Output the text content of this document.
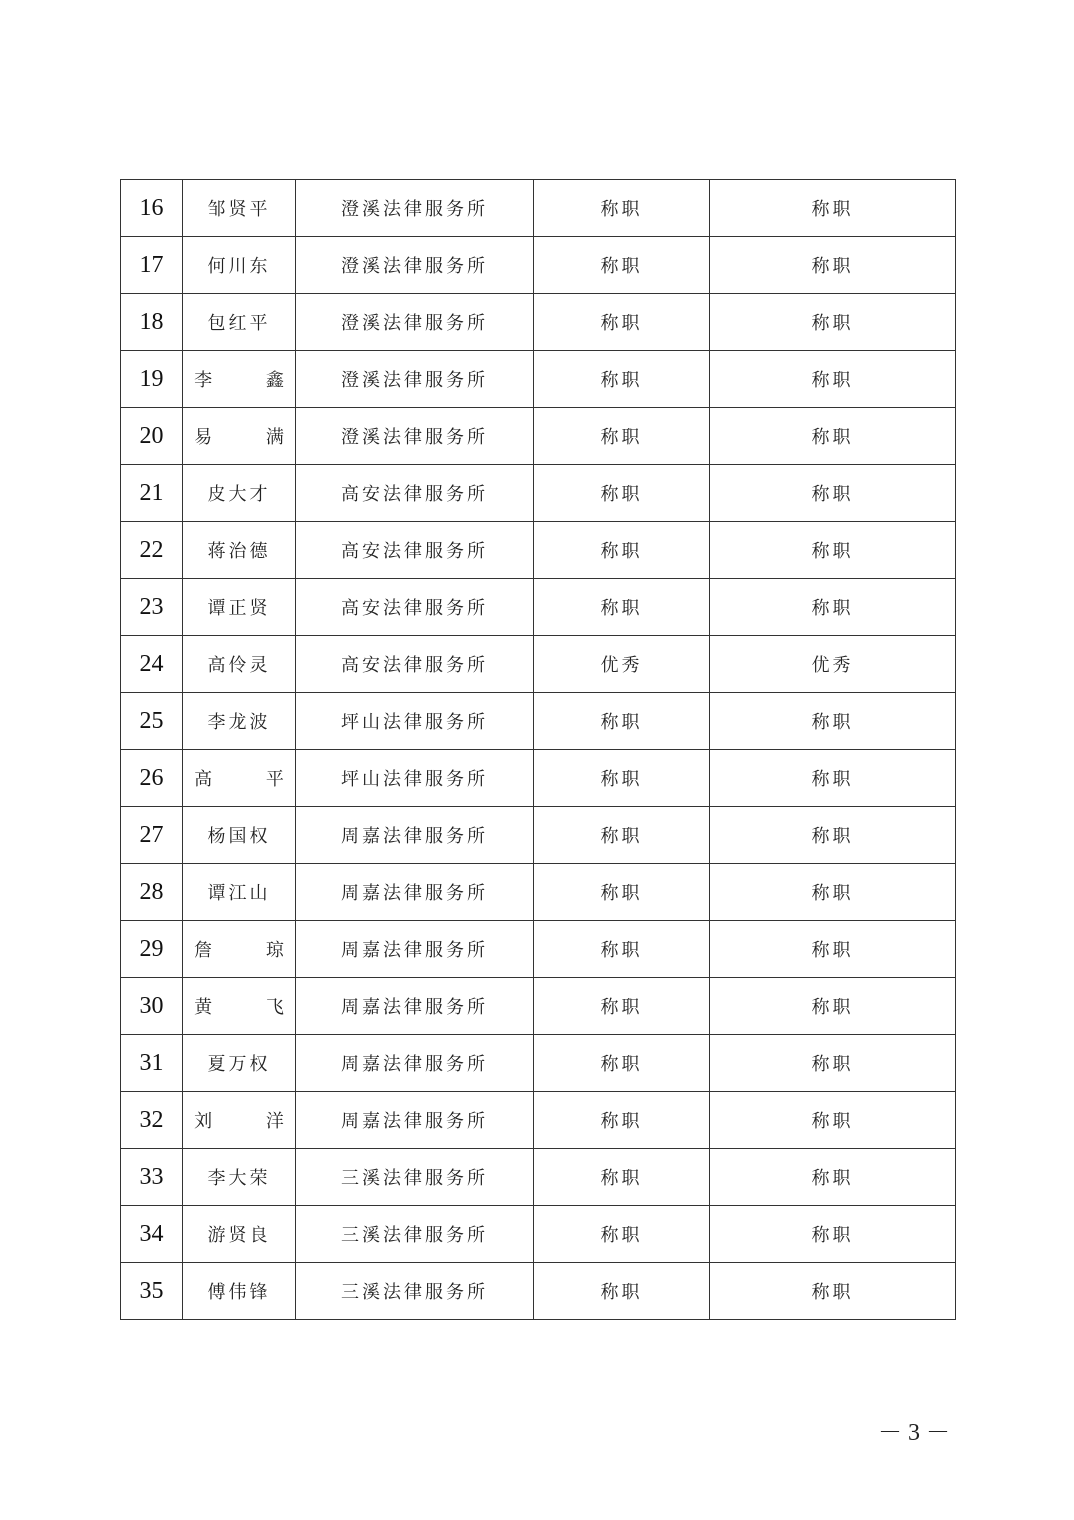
16	邹贤平	澄溪法律服务所	称职	称职
17	何川东	澄溪法律服务所	称职	称职
18	包红平	澄溪法律服务所	称职	称职
19	李 鑫	澄溪法律服务所	称职	称职
20	易 满	澄溪法律服务所	称职	称职
21	皮大才	高安法律服务所	称职	称职
22	蒋治德	高安法律服务所	称职	称职
23	谭正贤	高安法律服务所	称职	称职
24	高伶灵	高安法律服务所	优秀	优秀
25	李龙波	坪山法律服务所	称职	称职
26	高 平	坪山法律服务所	称职	称职
27	杨国权	周嘉法律服务所	称职	称职
28	谭江山	周嘉法律服务所	称职	称职
29	詹 琼	周嘉法律服务所	称职	称职
30	黄 飞	周嘉法律服务所	称职	称职
31	夏万权	周嘉法律服务所	称职	称职
32	刘 洋	周嘉法律服务所	称职	称职
33	李大荣	三溪法律服务所	称职	称职
34	游贤良	三溪法律服务所	称职	称职
35	傅伟锋	三溪法律服务所	称职	称职
－ 3 －
